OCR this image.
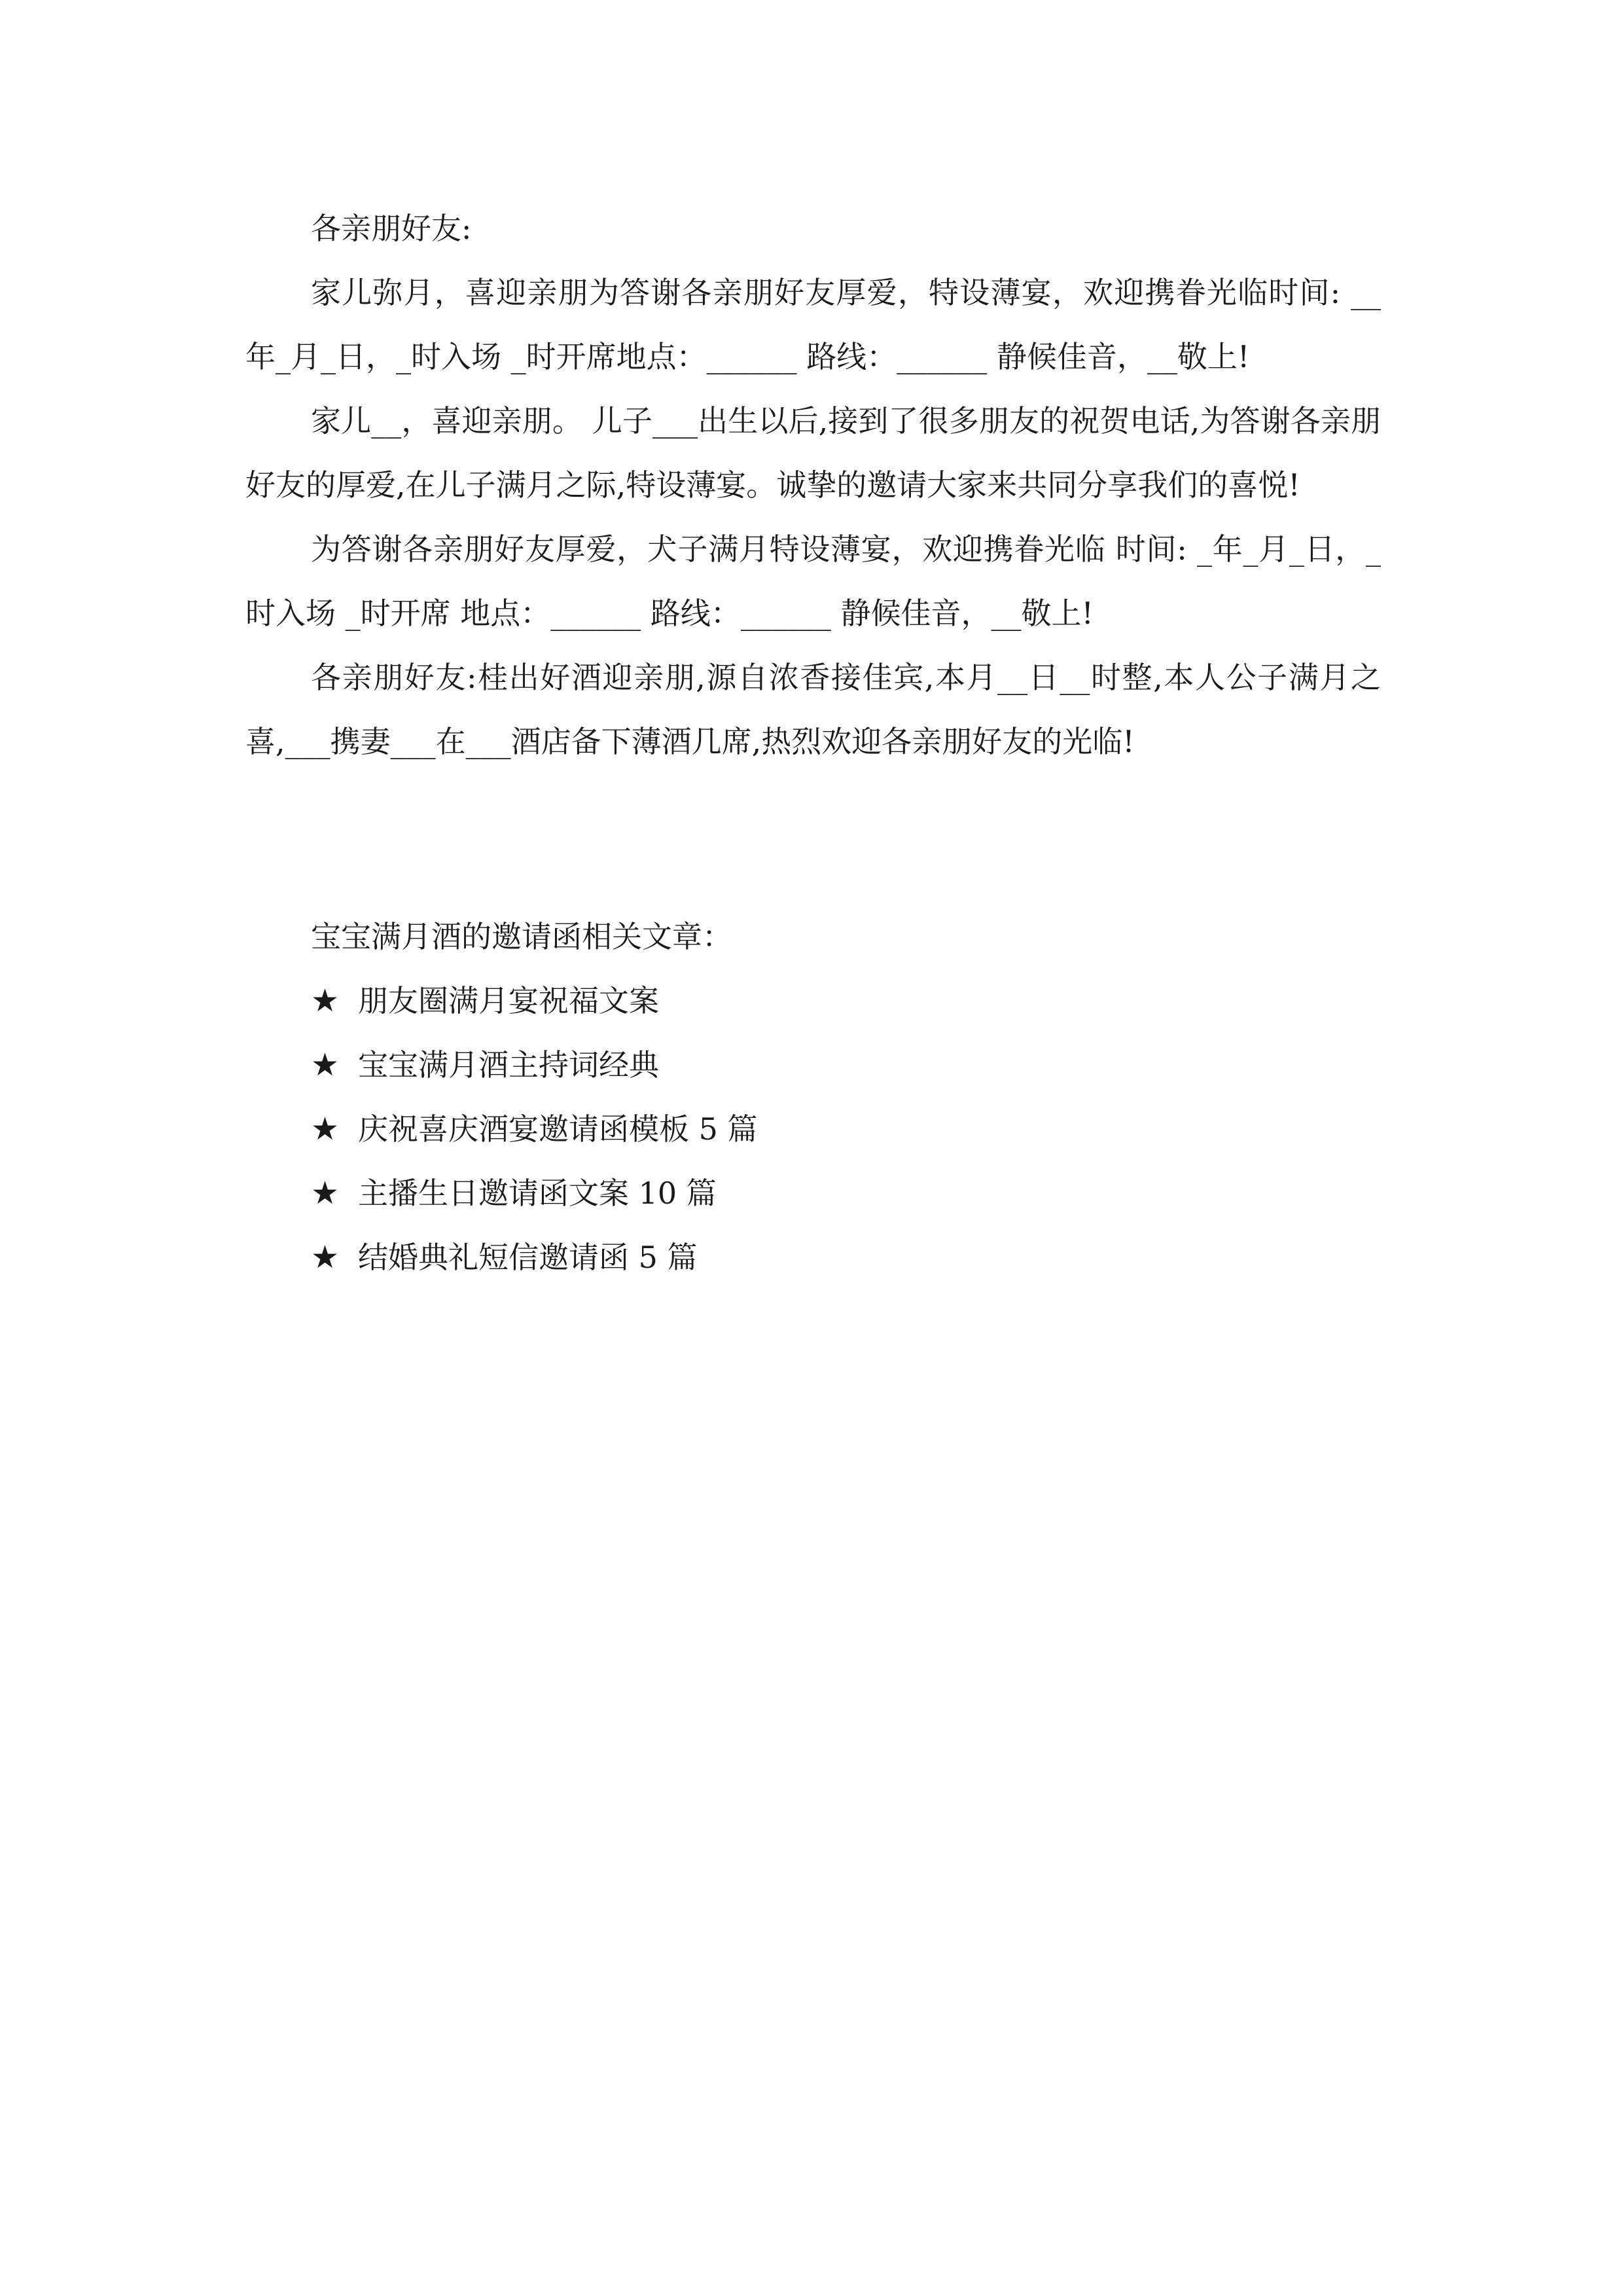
各亲朋好友:

家儿弥月，喜迎亲朋为答谢各亲朋好友厚爱，特设薄宴，欢迎携眷光临时间: __年_月_日，_时入场 _时开席地点：______ 路线：______ 静候佳音，__敬上!

家儿__，喜迎亲朋。 儿子___出生以后,接到了很多朋友的祝贺电话,为答谢各亲朋好友的厚爱,在儿子满月之际,特设薄宴。诚挚的邀请大家来共同分享我们的喜悦!

为答谢各亲朋好友厚爱，犬子满月特设薄宴，欢迎携眷光临 时间: _年_月_日，_时入场 _时开席 地点：______ 路线：______ 静候佳音，__敬上!

各亲朋好友:桂出好酒迎亲朋,源自浓香接佳宾,本月__日__时整,本人公子满月之喜,___携妻___在___酒店备下薄酒几席,热烈欢迎各亲朋好友的光临!

宝宝满月酒的邀请函相关文章：

★ 朋友圈满月宴祝福文案
★ 宝宝满月酒主持词经典
★ 庆祝喜庆酒宴邀请函模板 5 篇
★ 主播生日邀请函文案 10 篇
★ 结婚典礼短信邀请函 5 篇
